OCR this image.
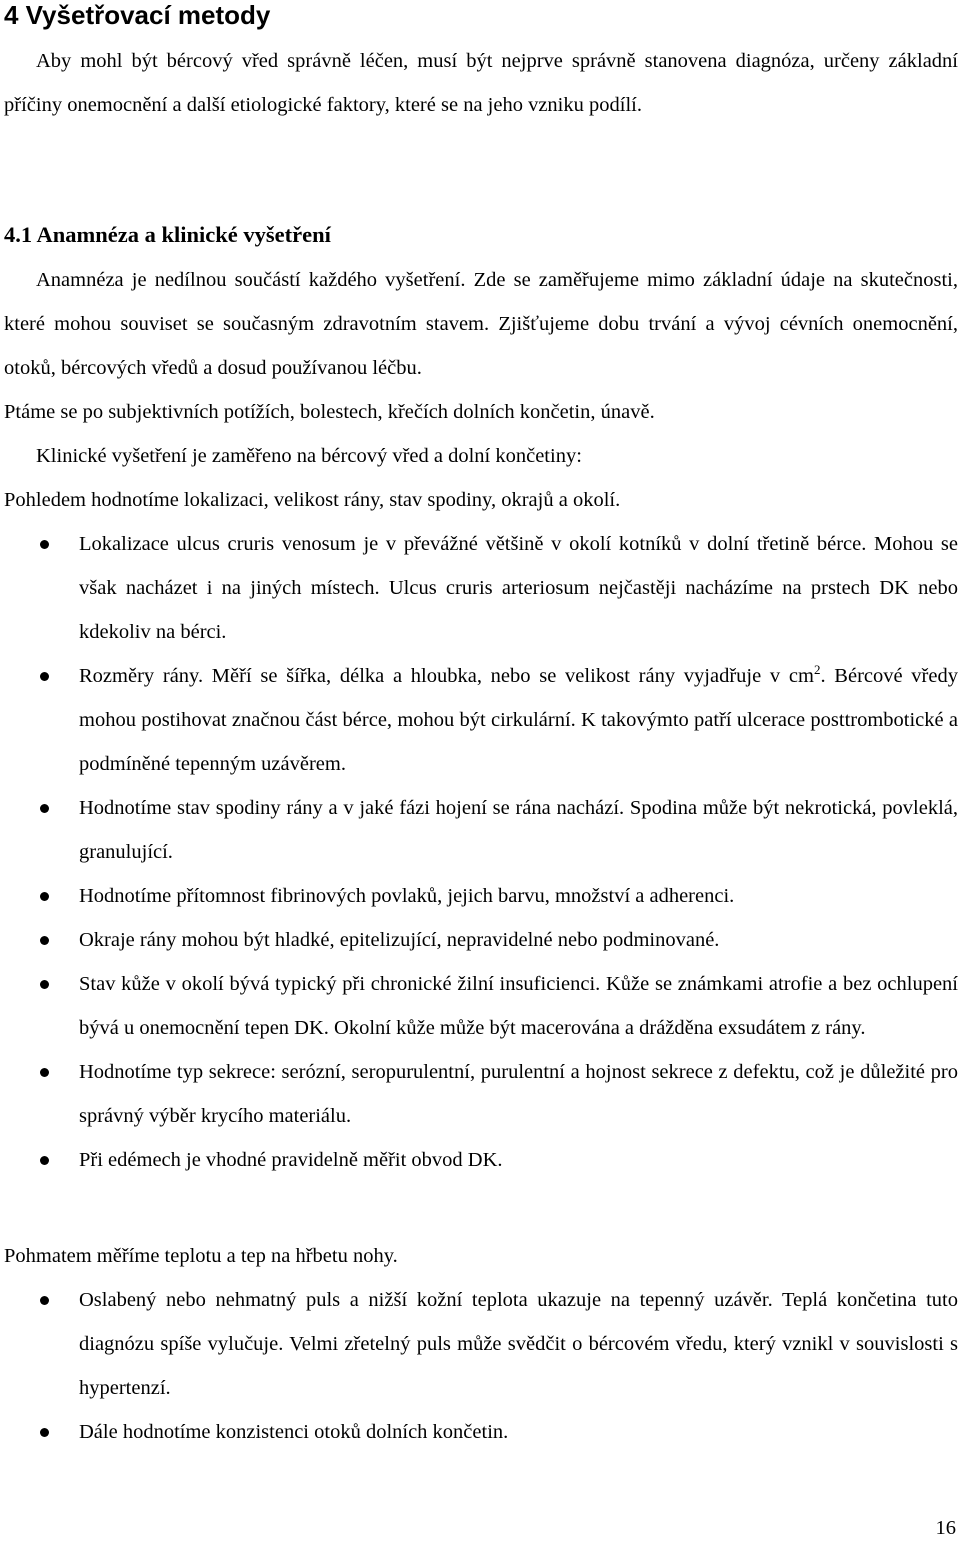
4 Vyšetřovací metody

Aby mohl být bércový vřed správně léčen, musí být nejprve správně stanovena diagnóza, určeny základní příčiny onemocnění a další etiologické faktory, které se na jeho vzniku podílí.

4.1 Anamnéza a klinické vyšetření

Anamnéza je nedílnou součástí každého vyšetření. Zde se zaměřujeme mimo základní údaje na skutečnosti, které mohou souviset se současným zdravotním stavem. Zjišťujeme dobu trvání a vývoj cévních onemocnění, otoků, bércových vředů a dosud používanou léčbu.

Ptáme se po subjektivních potížích, bolestech, křečích dolních končetin, únavě.

Klinické vyšetření je zaměřeno na bércový vřed a dolní končetiny:

Pohledem hodnotíme lokalizaci, velikost rány, stav spodiny, okrajů a okolí.

Lokalizace ulcus cruris venosum je v převážné většině v okolí kotníků v dolní třetině bérce. Mohou se však nacházet i na jiných místech. Ulcus cruris arteriosum nejčastěji nacházíme na prstech DK nebo kdekoliv na bérci.
Rozměry rány. Měří se šířka, délka a hloubka, nebo se velikost rány vyjadřuje v $cm^2$. Bércové vředy mohou postihovat značnou část bérce, mohou být cirkulární. K takovýmto patří ulcerace posttrombotické a podmíněné tepenným uzávěrem.
Hodnotíme stav spodiny rány a v jaké fázi hojení se rána nachází. Spodina může být nekrotická, povleklá, granulující.
Hodnotíme přítomnost fibrinových povlaků, jejich barvu, množství a adherenci.
Okraje rány mohou být hladké, epitelizující, nepravidelné nebo podminované.
Stav kůže v okolí bývá typický při chronické žilní insuficienci. Kůže se známkami atrofie a bez ochlupení bývá u onemocnění tepen DK. Okolní kůže může být macerována a drážděna exsudátem z rány.
Hodnotíme typ sekrece: serózní, seropurulentní, purulentní a hojnost sekrece z defektu, což je důležité pro správný výběr krycího materiálu.
Při edémech je vhodné pravidelně měřit obvod DK.

Pohmatem měříme teplotu a tep na hřbetu nohy.

Oslabený nebo nehmatný puls a nižší kožní teplota ukazuje na tepenný uzávěr. Teplá končetina tuto diagnózu spíše vylučuje. Velmi zřetelný puls může svědčit o bércovém vředu, který vznikl v souvislosti s hypertenzí.
Dále hodnotíme konzistenci otoků dolních končetin.
16
